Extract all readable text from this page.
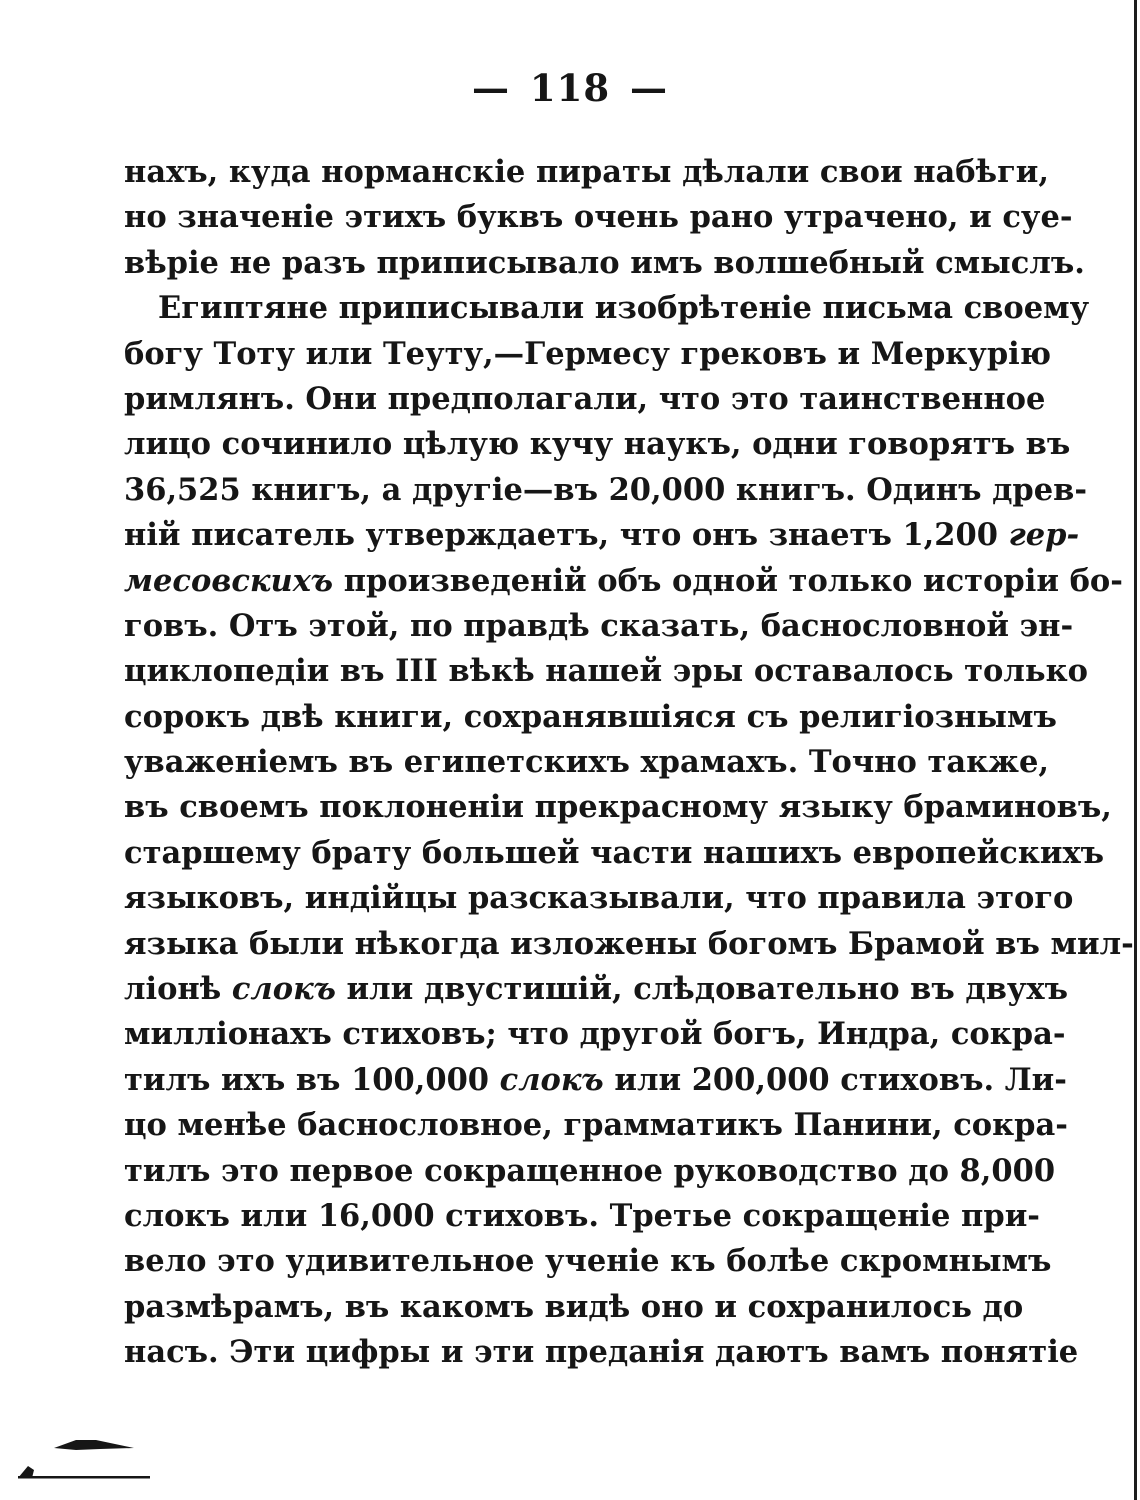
— 118 —
нахъ, куда норманскіе пираты дѣлали свои набѣги,
но значеніе этихъ буквъ очень рано утрачено, и суе-
вѣріе не разъ приписывало имъ волшебный смыслъ.
Египтяне приписывали изобрѣтеніе письма своему
богу Тоту или Теуту,—Гермесу грековъ и Меркурію
римлянъ. Они предполагали, что это таинственное
лицо сочинило цѣлую кучу наукъ, одни говорятъ въ
36,525 книгъ, а другіе—въ 20,000 книгъ. Одинъ древ-
ній писатель утверждаетъ, что онъ знаетъ 1,200 гер-
месовскихъ произведеній объ одной только исторіи бо-
говъ. Отъ этой, по правдѣ сказать, баснословной эн-
циклопедіи въ III вѣкѣ нашей эры оставалось только
сорокъ двѣ книги, сохранявшіяся съ религіознымъ
уваженіемъ въ египетскихъ храмахъ. Точно также,
въ своемъ поклоненіи прекрасному языку браминовъ,
старшему брату большей части нашихъ европейскихъ
языковъ, индійцы разсказывали, что правила этого
языка были нѣкогда изложены богомъ Брамой въ мил-
ліонѣ слокъ или двустишій, слѣдовательно въ двухъ
милліонахъ стиховъ; что другой богъ, Индра, сокра-
тилъ ихъ въ 100,000 слокъ или 200,000 стиховъ. Ли-
цо менѣе баснословное, грамматикъ Панини, сокра-
тилъ это первое сокращенное руководство до 8,000
слокъ или 16,000 стиховъ. Третье сокращеніе при-
вело это удивительное ученіе къ болѣе скромнымъ
размѣрамъ, въ какомъ видѣ оно и сохранилось до
насъ. Эти цифры и эти преданія даютъ вамъ понятіе
